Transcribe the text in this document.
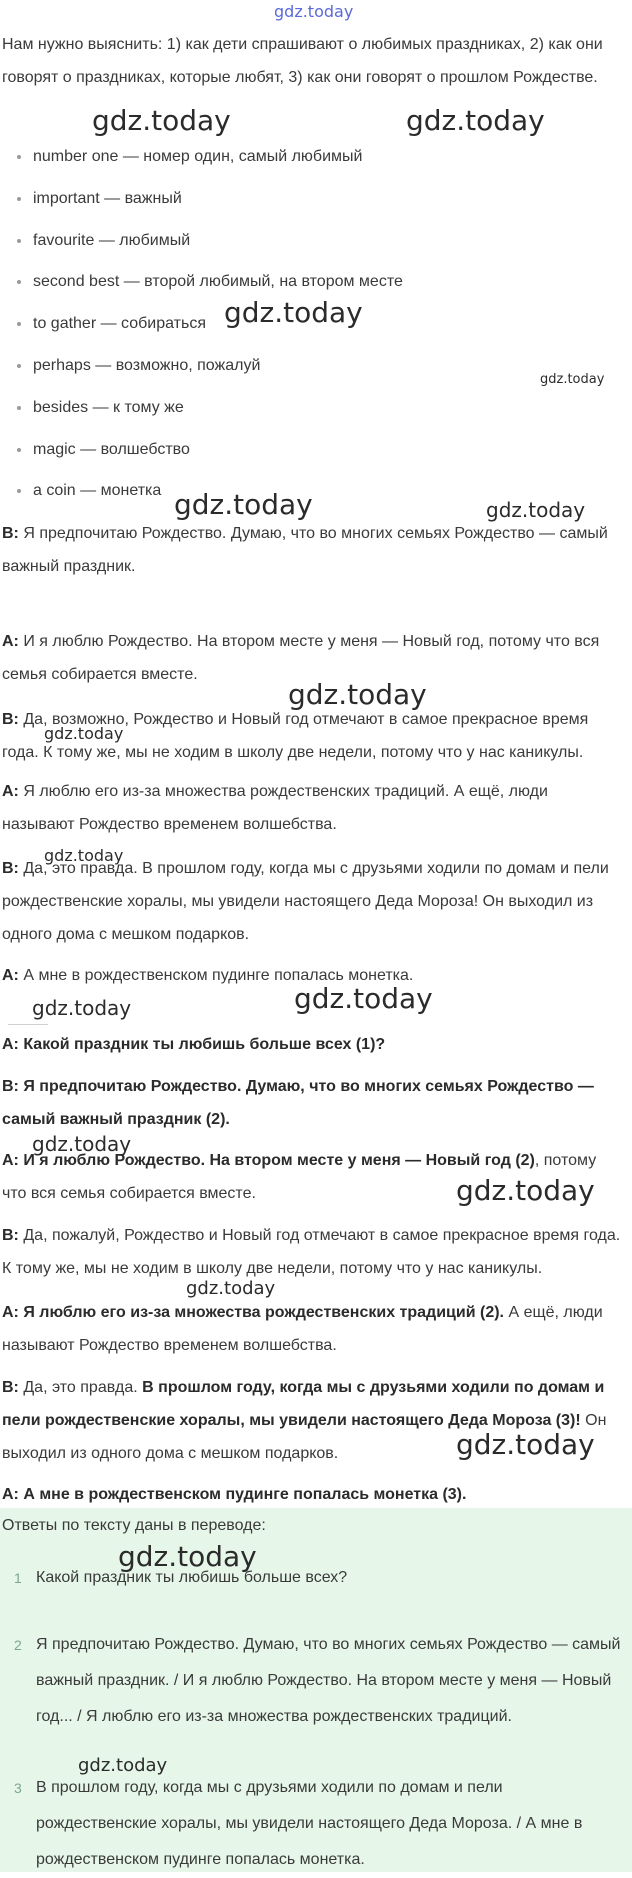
gdz.today
gdz.today	gdz.today
gdz.today
gdz.today
gdz.today	gdz.today
gdz.today
gdz.today
gdz.today
gdz.today
gdz.today
gdz.today
gdz.today
gdz.today
gdz.today
Нам нужно выяснить: 1) как дети спрашивают о любимых праздниках, 2) как они говорят о праздниках, которые любят, 3) как они говорят о прошлом Рождестве.
number one — номер один, самый любимый
important — важный
favourite — любимый
second best — второй любимый, на втором месте
to gather — собираться
perhaps — возможно, пожалуй
besides — к тому же
magic — волшебство
a coin — монетка
B: Я предпочитаю Рождество. Думаю, что во многих семьях Рождество — самый важный праздник.
A: И я люблю Рождество. На втором месте у меня — Новый год, потому что вся семья собирается вместе.
B: Да, возможно, Рождество и Новый год отмечают в самое прекрасное время года. К тому же, мы не ходим в школу две недели, потому что у нас каникулы.
A: Я люблю его из-за множества рождественских традиций. А ещё, люди называют Рождество временем волшебства.
B: Да, это правда. В прошлом году, когда мы с друзьями ходили по домам и пели рождественские хоралы, мы увидели настоящего Деда Мороза! Он выходил из одного дома с мешком подарков.
A: А мне в рождественском пудинге попалась монетка.
A: Какой праздник ты любишь больше всех (1)?
B: Я предпочитаю Рождество. Думаю, что во многих семьях Рождество — самый важный праздник (2).
A: И я люблю Рождество. На втором месте у меня — Новый год (2), потому что вся семья собирается вместе.
B: Да, пожалуй, Рождество и Новый год отмечают в самое прекрасное время года. К тому же, мы не ходим в школу две недели, потому что у нас каникулы.
A: Я люблю его из-за множества рождественских традиций (2). А ещё, люди называют Рождество временем волшебства.
B: Да, это правда. В прошлом году, когда мы с друзьями ходили по домам и пели рождественские хоралы, мы увидели настоящего Деда Мороза (3)! Он выходил из одного дома с мешком подарков.
A: А мне в рождественском пудинге попалась монетка (3).
Ответы по тексту даны в переводе:
1 Какой праздник ты любишь больше всех?
2 Я предпочитаю Рождество. Думаю, что во многих семьях Рождество — самый важный праздник. / И я люблю Рождество. На втором месте у меня — Новый год... / Я люблю его из-за множества рождественских традиций.
3 В прошлом году, когда мы с друзьями ходили по домам и пели рождественские хоралы, мы увидели настоящего Деда Мороза. / А мне в рождественском пудинге попалась монетка.
gdz.today
gdz.today
